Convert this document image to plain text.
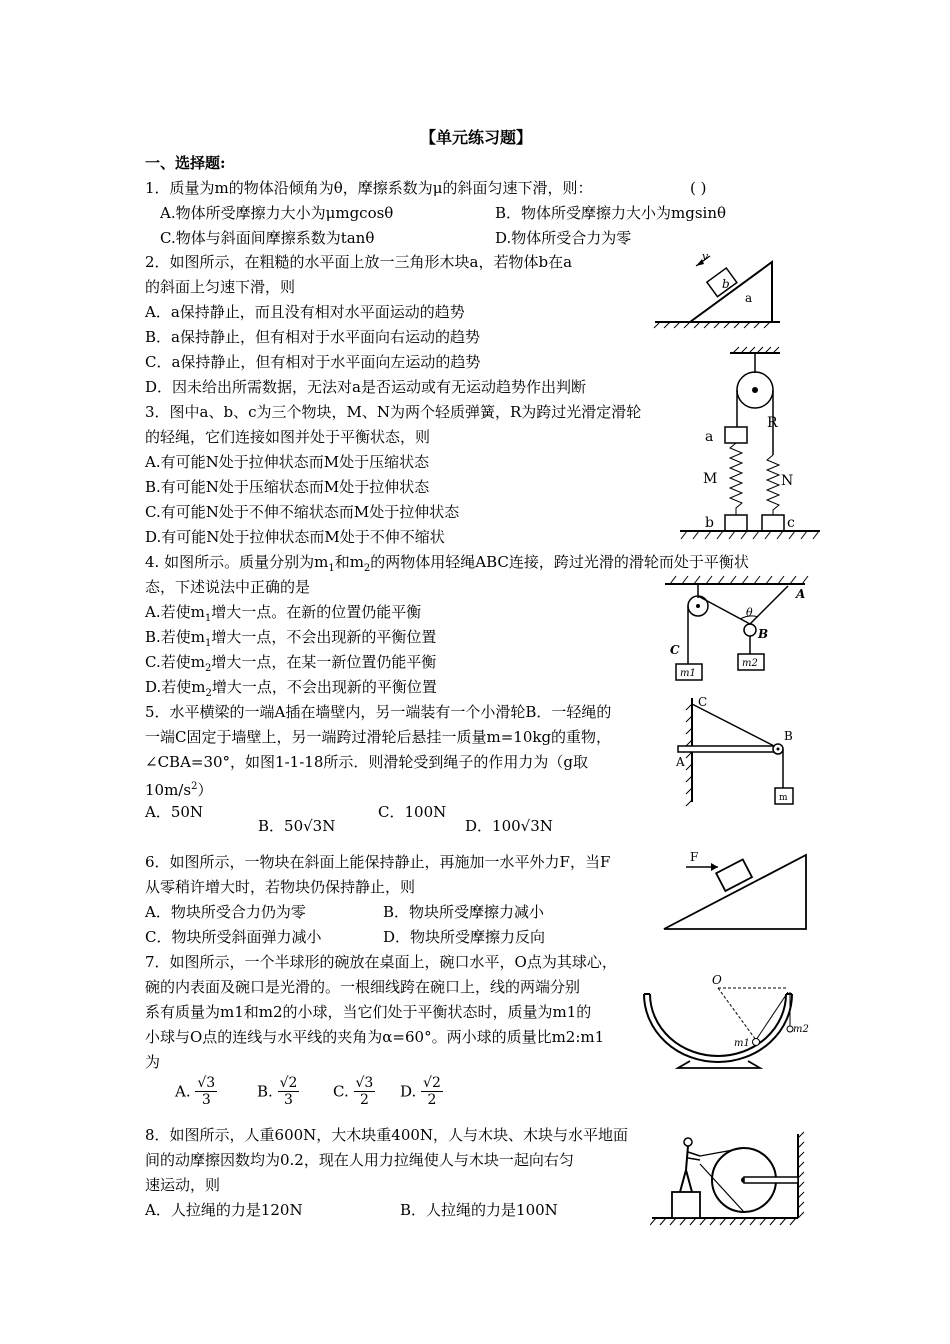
【单元练习题】
一、选择题:
1．质量为m的物体沿倾角为θ，摩擦系数为μ的斜面匀速下滑，则：	( )
A.物体所受摩擦力大小为μmgcosθ	B．物体所受摩擦力大小为mgsinθ
C.物体与斜面间摩擦系数为tanθ	D.物体所受合力为零
2．如图所示，在粗糙的水平面上放一三角形木块a，若物体b在a
的斜面上匀速下滑，则
A．a保持静止，而且没有相对水平面运动的趋势
B．a保持静止，但有相对于水平面向右运动的趋势
C．a保持静止，但有相对于水平面向左运动的趋势
D．因未给出所需数据，无法对a是否运动或有无运动趋势作出判断
b
a
v
3．图中a、b、c为三个物块，M、N为两个轻质弹簧，R为跨过光滑定滑轮
的轻绳，它们连接如图并处于平衡状态，则
A.有可能N处于拉伸状态而M处于压缩状态
B.有可能N处于压缩状态而M处于拉伸状态
C.有可能N处于不伸不缩状态而M处于拉伸状态
D.有可能N处于拉伸状态而M处于不伸不缩状
a
R
M	N
b	c
4. 如图所示。质量分别为$m_1$和$m_2$的两物体用轻绳ABC连接，跨过光滑的滑轮而处于平衡状
态，下述说法中正确的是
A.若使$m_1$增大一点。在新的位置仍能平衡
B.若使$m_1$增大一点，不会出现新的平衡位置
C.若使$m_2$增大一点，在某一新位置仍能平衡
D.若使$m_2$增大一点，不会出现新的平衡位置
A
B
C
θ
m1
m2
5．水平横梁的一端A插在墙壁内，另一端装有一个小滑轮B．一轻绳的
一端C固定于墙壁上，另一端跨过滑轮后悬挂一质量m=10kg的重物，
∠CBA=30°，如图1-1-18所示．则滑轮受到绳子的作用力为（g取
$10m/s^2$）
A．50N
B．50√3N
C．100N
D．100√3N
C
B
A
m
6．如图所示，一物块在斜面上能保持静止，再施加一水平外力F，当F
从零稍许增大时，若物块仍保持静止，则
A．物块所受合力仍为零	B．物块所受摩擦力减小
C．物块所受斜面弹力减小	D．物块所受摩擦力反向
F
7．如图所示，一个半球形的碗放在桌面上，碗口水平，O点为其球心，
碗的内表面及碗口是光滑的。一根细线跨在碗口上，线的两端分别
系有质量为m1和m2的小球，当它们处于平衡状态时，质量为m1的
小球与O点的连线与水平线的夹角为α=60°。两小球的质量比m2:m1
为
A. $\frac{√3}{3}$	B. $\frac{√2}{3} C$. $\frac{√3}{2} D$. $\frac{√2}{2}$
O
m1
m2
8．如图所示，人重600N，大木块重400N，人与木块、木块与水平地面
间的动摩擦因数均为0.2，现在人用力拉绳使人与木块一起向右匀
速运动，则
A．人拉绳的力是120N	B．人拉绳的力是100N
